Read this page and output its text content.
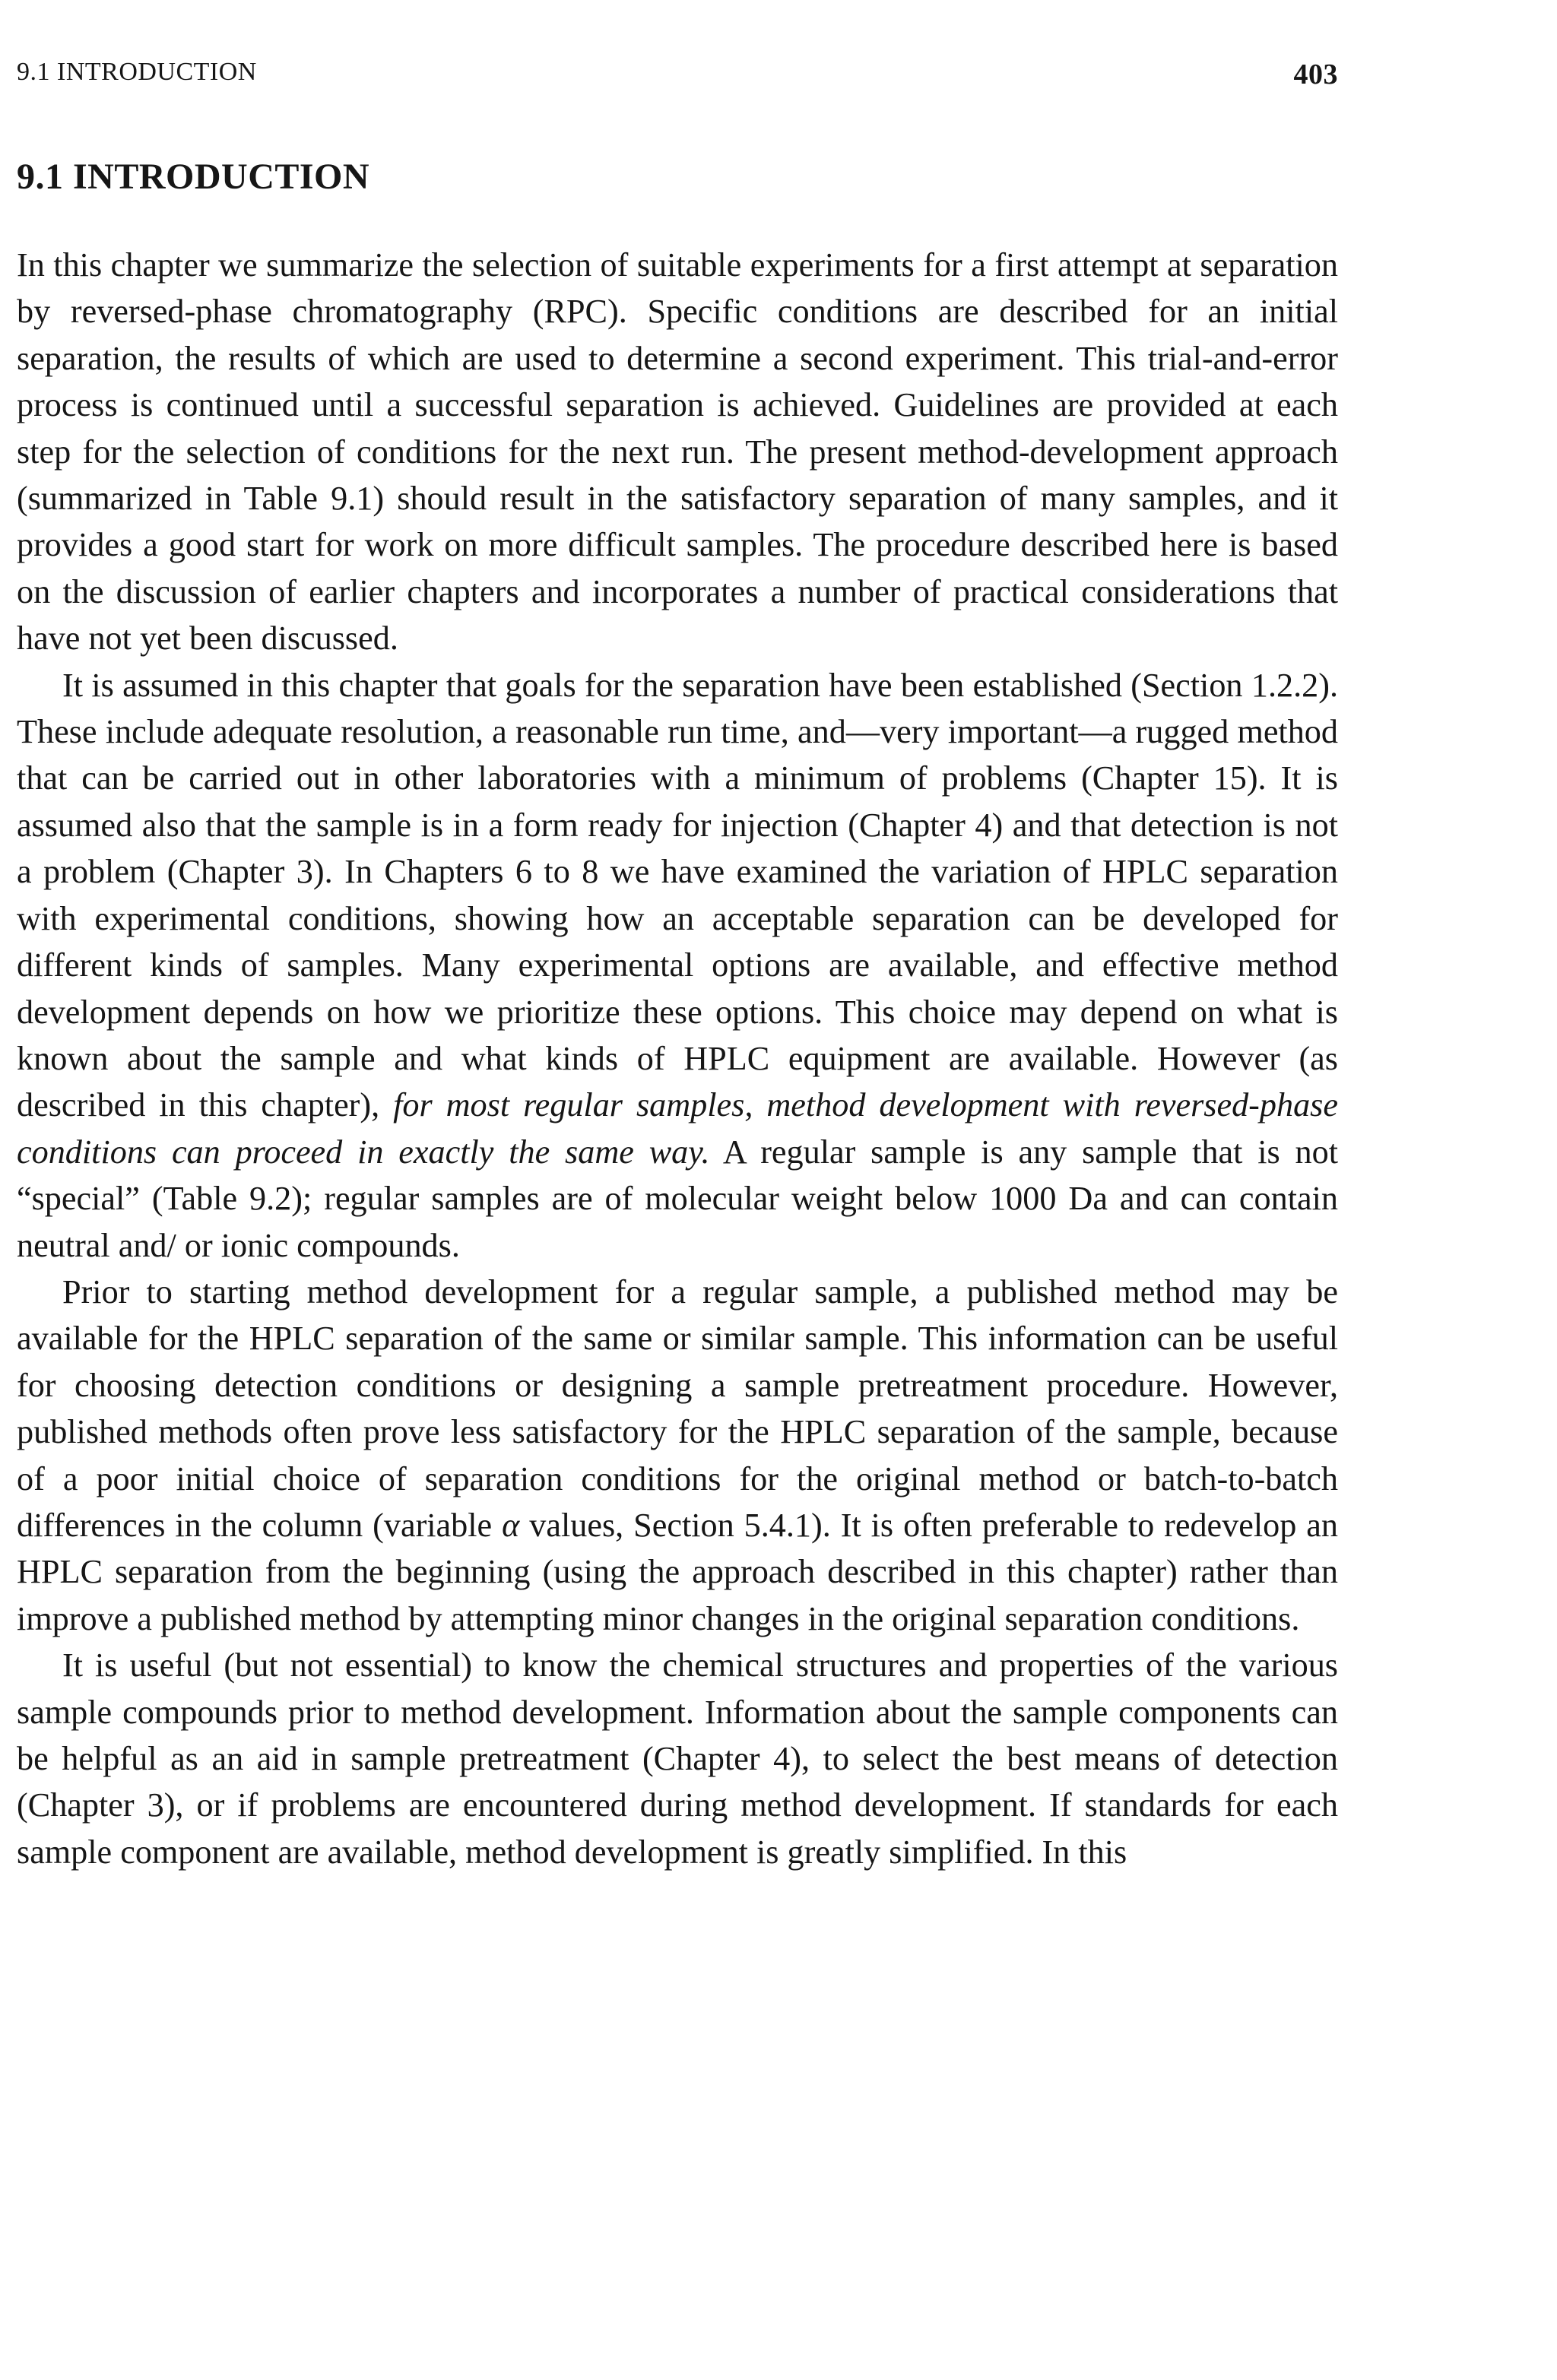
9.1 INTRODUCTION	403
9.1 INTRODUCTION

In this chapter we summarize the selection of suitable experiments for a first attempt at separation by reversed-phase chromatography (RPC). Specific conditions are described for an initial separation, the results of which are used to determine a second experiment. This trial-and-error process is continued until a successful separation is achieved. Guidelines are provided at each step for the selection of conditions for the next run. The present method-development approach (summarized in Table 9.1) should result in the satisfactory separation of many samples, and it provides a good start for work on more difficult samples. The procedure described here is based on the discussion of earlier chapters and incorporates a number of practical considerations that have not yet been discussed.

It is assumed in this chapter that goals for the separation have been established (Section 1.2.2). These include adequate resolution, a reasonable run time, and—very important—a rugged method that can be carried out in other laboratories with a minimum of problems (Chapter 15). It is assumed also that the sample is in a form ready for injection (Chapter 4) and that detection is not a problem (Chapter 3). In Chapters 6 to 8 we have examined the variation of HPLC separation with experimental conditions, showing how an acceptable separation can be developed for different kinds of samples. Many experimental options are available, and effective method development depends on how we prioritize these options. This choice may depend on what is known about the sample and what kinds of HPLC equipment are available. However (as described in this chapter), for most regular samples, method development with reversed-phase conditions can proceed in exactly the same way. A regular sample is any sample that is not “special” (Table 9.2); regular samples are of molecular weight below 1000 Da and can contain neutral and/ or ionic compounds.

Prior to starting method development for a regular sample, a published method may be available for the HPLC separation of the same or similar sample. This information can be useful for choosing detection conditions or designing a sample pretreatment procedure. However, published methods often prove less satisfactory for the HPLC separation of the sample, because of a poor initial choice of separation conditions for the original method or batch-to-batch differences in the column (variable α values, Section 5.4.1). It is often preferable to redevelop an HPLC separation from the beginning (using the approach described in this chapter) rather than improve a published method by attempting minor changes in the original separation conditions.

It is useful (but not essential) to know the chemical structures and properties of the various sample compounds prior to method development. Information about the sample components can be helpful as an aid in sample pretreatment (Chapter 4), to select the best means of detection (Chapter 3), or if problems are encountered during method development. If standards for each sample component are available, method development is greatly simplified. In this
